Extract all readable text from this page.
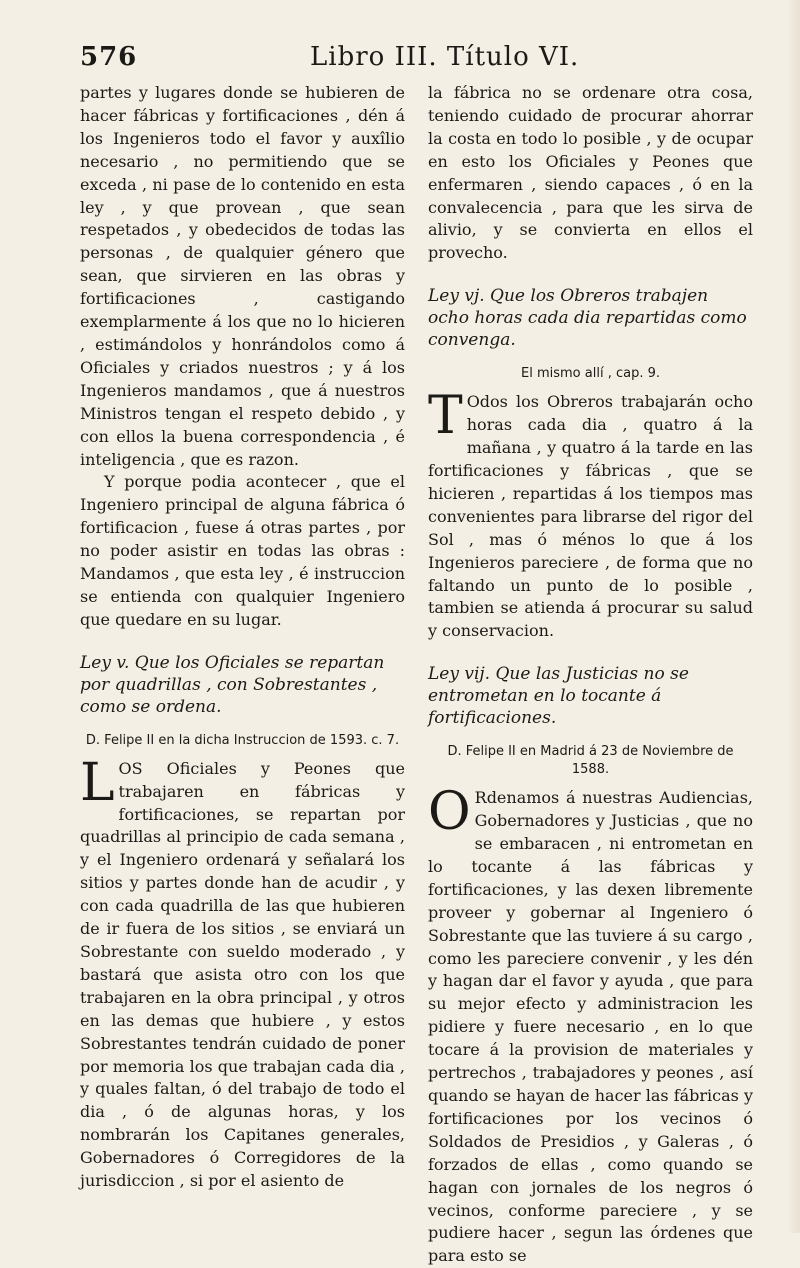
576	Libro III. Título VI.

partes y lugares donde se hubieren de hacer fábricas y fortificaciones , dén á los Ingenieros todo el favor y auxîlio necesario , no permitiendo que se exceda , ni pase de lo contenido en esta ley , y que provean , que sean respetados , y obedecidos de todas las personas , de qualquier género que sean, que sirvieren en las obras y fortificaciones , castigando exemplarmente á los que no lo hicieren , estimándolos y honrándolos como á Oficiales y criados nuestros ; y á los Ingenieros mandamos , que á nuestros Ministros tengan el respeto debido , y con ellos la buena correspondencia , é inteligencia , que es razon.

Y porque podia acontecer , que el Ingeniero principal de alguna fábrica ó fortificacion , fuese á otras partes , por no poder asistir en todas las obras : Mandamos , que esta ley , é instruccion se entienda con qualquier Ingeniero que quedare en su lugar.

Ley v. Que los Oficiales se repartan por quadrillas , con Sobrestantes , como se ordena.

D. Felipe II en la dicha Instruccion de 1593. c. 7.

LOS Oficiales y Peones que trabajaren en fábricas y fortificaciones, se repartan por quadrillas al principio de cada semana , y el Ingeniero ordenará y señalará los sitios y partes donde han de acudir , y con cada quadrilla de las que hubieren de ir fuera de los sitios , se enviará un Sobrestante con sueldo moderado , y bastará que asista otro con los que trabajaren en la obra principal , y otros en las demas que hubiere , y estos Sobrestantes tendrán cuidado de poner por memoria los que trabajan cada dia , y quales faltan, ó del trabajo de todo el dia , ó de algunas horas, y los nombrarán los Capitanes generales, Gobernadores ó Corregidores de la jurisdiccion , si por el asiento de

la fábrica no se ordenare otra cosa, teniendo cuidado de procurar ahorrar la costa en todo lo posible , y de ocupar en esto los Oficiales y Peones que enfermaren , siendo capaces , ó en la convalecencia , para que les sirva de alivio, y se convierta en ellos el provecho.

Ley vj. Que los Obreros trabajen ocho horas cada dia repartidas como convenga.

El mismo allí , cap. 9.

T Odos los Obreros trabajarán ocho horas cada dia , quatro á la mañana , y quatro á la tarde en las fortificaciones y fábricas , que se hicieren , repartidas á los tiempos mas convenientes para librarse del rigor del Sol , mas ó ménos lo que á los Ingenieros pareciere , de forma que no faltando un punto de lo posible , tambien se atienda á procurar su salud y conservacion.

Ley vij. Que las Justicias no se entrometan en lo tocante á fortificaciones.

D. Felipe II en Madrid á 23 de Noviembre de 1588.

O Rdenamos á nuestras Audiencias, Gobernadores y Justicias , que no se embaracen , ni entrometan en lo tocante á las fábricas y fortificaciones, y las dexen libremente proveer y gobernar al Ingeniero ó Sobrestante que las tuviere á su cargo , como les pareciere convenir , y les dén y hagan dar el favor y ayuda , que para su mejor efecto y administracion les pidiere y fuere necesario , en lo que tocare á la provision de materiales y pertrechos , trabajadores y peones , así quando se hayan de hacer las fábricas y fortificaciones por los vecinos ó Soldados de Presidios , y Galeras , ó forzados de ellas , como quando se hagan con jornales de los negros ó vecinos, conforme pareciere , y se pudiere hacer , segun las órdenes que para esto se
